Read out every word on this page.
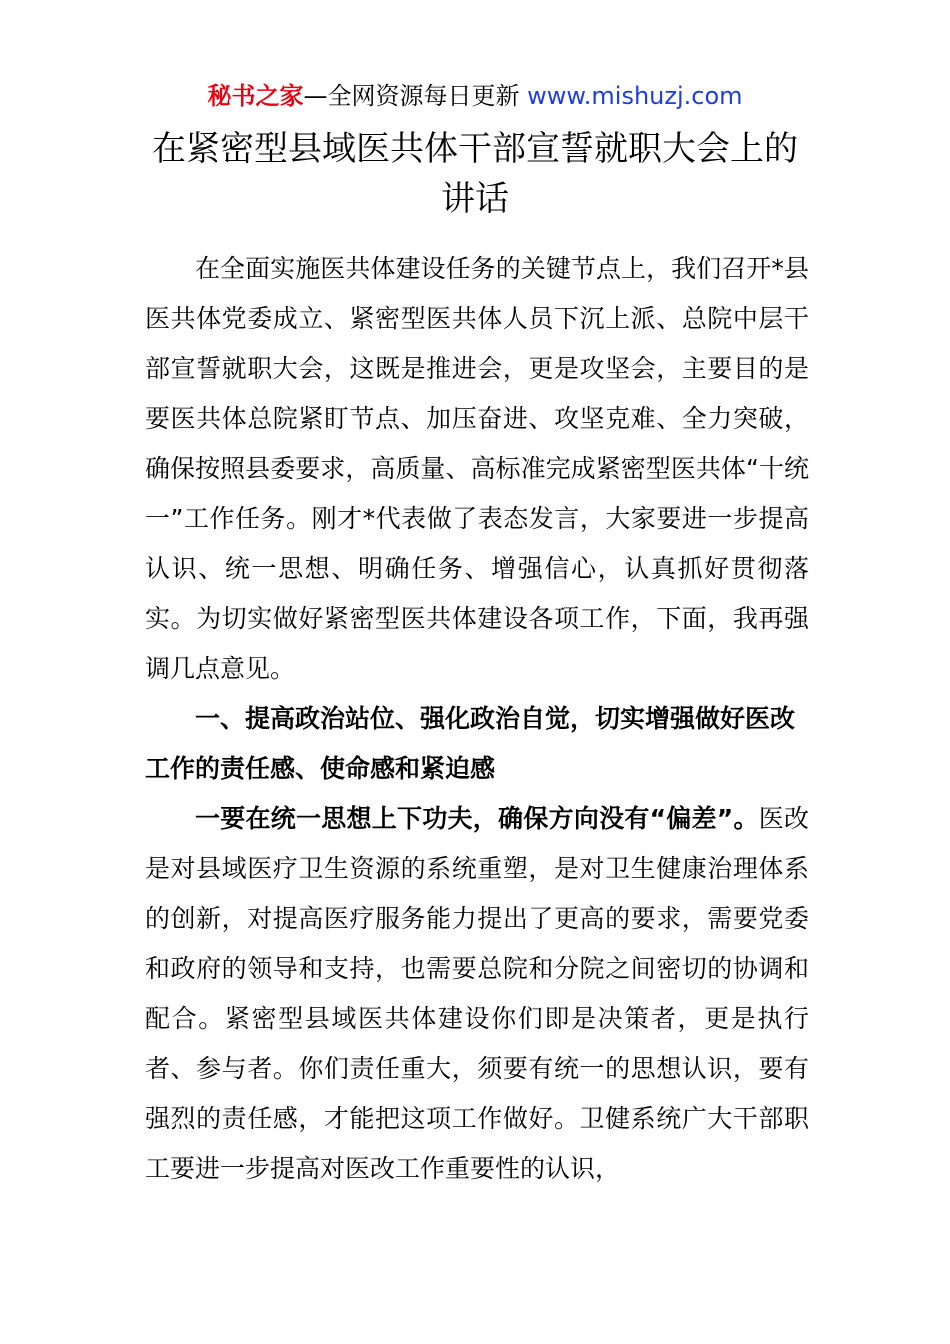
秘书之家—全网资源每日更新 www.mishuzj.com
在紧密型县域医共体干部宣誓就职大会上的讲话

在全面实施医共体建设任务的关键节点上，我们召开*县医共体党委成立、紧密型医共体人员下沉上派、总院中层干部宣誓就职大会，这既是推进会，更是攻坚会，主要目的是要医共体总院紧盯节点、加压奋进、攻坚克难、全力突破，确保按照县委要求，高质量、高标准完成紧密型医共体“十统一”工作任务。刚才*代表做了表态发言，大家要进一步提高认识、统一思想、明确任务、增强信心，认真抓好贯彻落实。为切实做好紧密型医共体建设各项工作，下面，我再强调几点意见。

一、提高政治站位、强化政治自觉，切实增强做好医改工作的责任感、使命感和紧迫感

一要在统一思想上下功夫，确保方向没有“偏差”。医改是对县域医疗卫生资源的系统重塑，是对卫生健康治理体系的创新，对提高医疗服务能力提出了更高的要求，需要党委和政府的领导和支持，也需要总院和分院之间密切的协调和配合。紧密型县域医共体建设你们即是决策者，更是执行者、参与者。你们责任重大，须要有统一的思想认识，要有强烈的责任感，才能把这项工作做好。卫健系统广大干部职工要进一步提高对医改工作重要性的认识，
